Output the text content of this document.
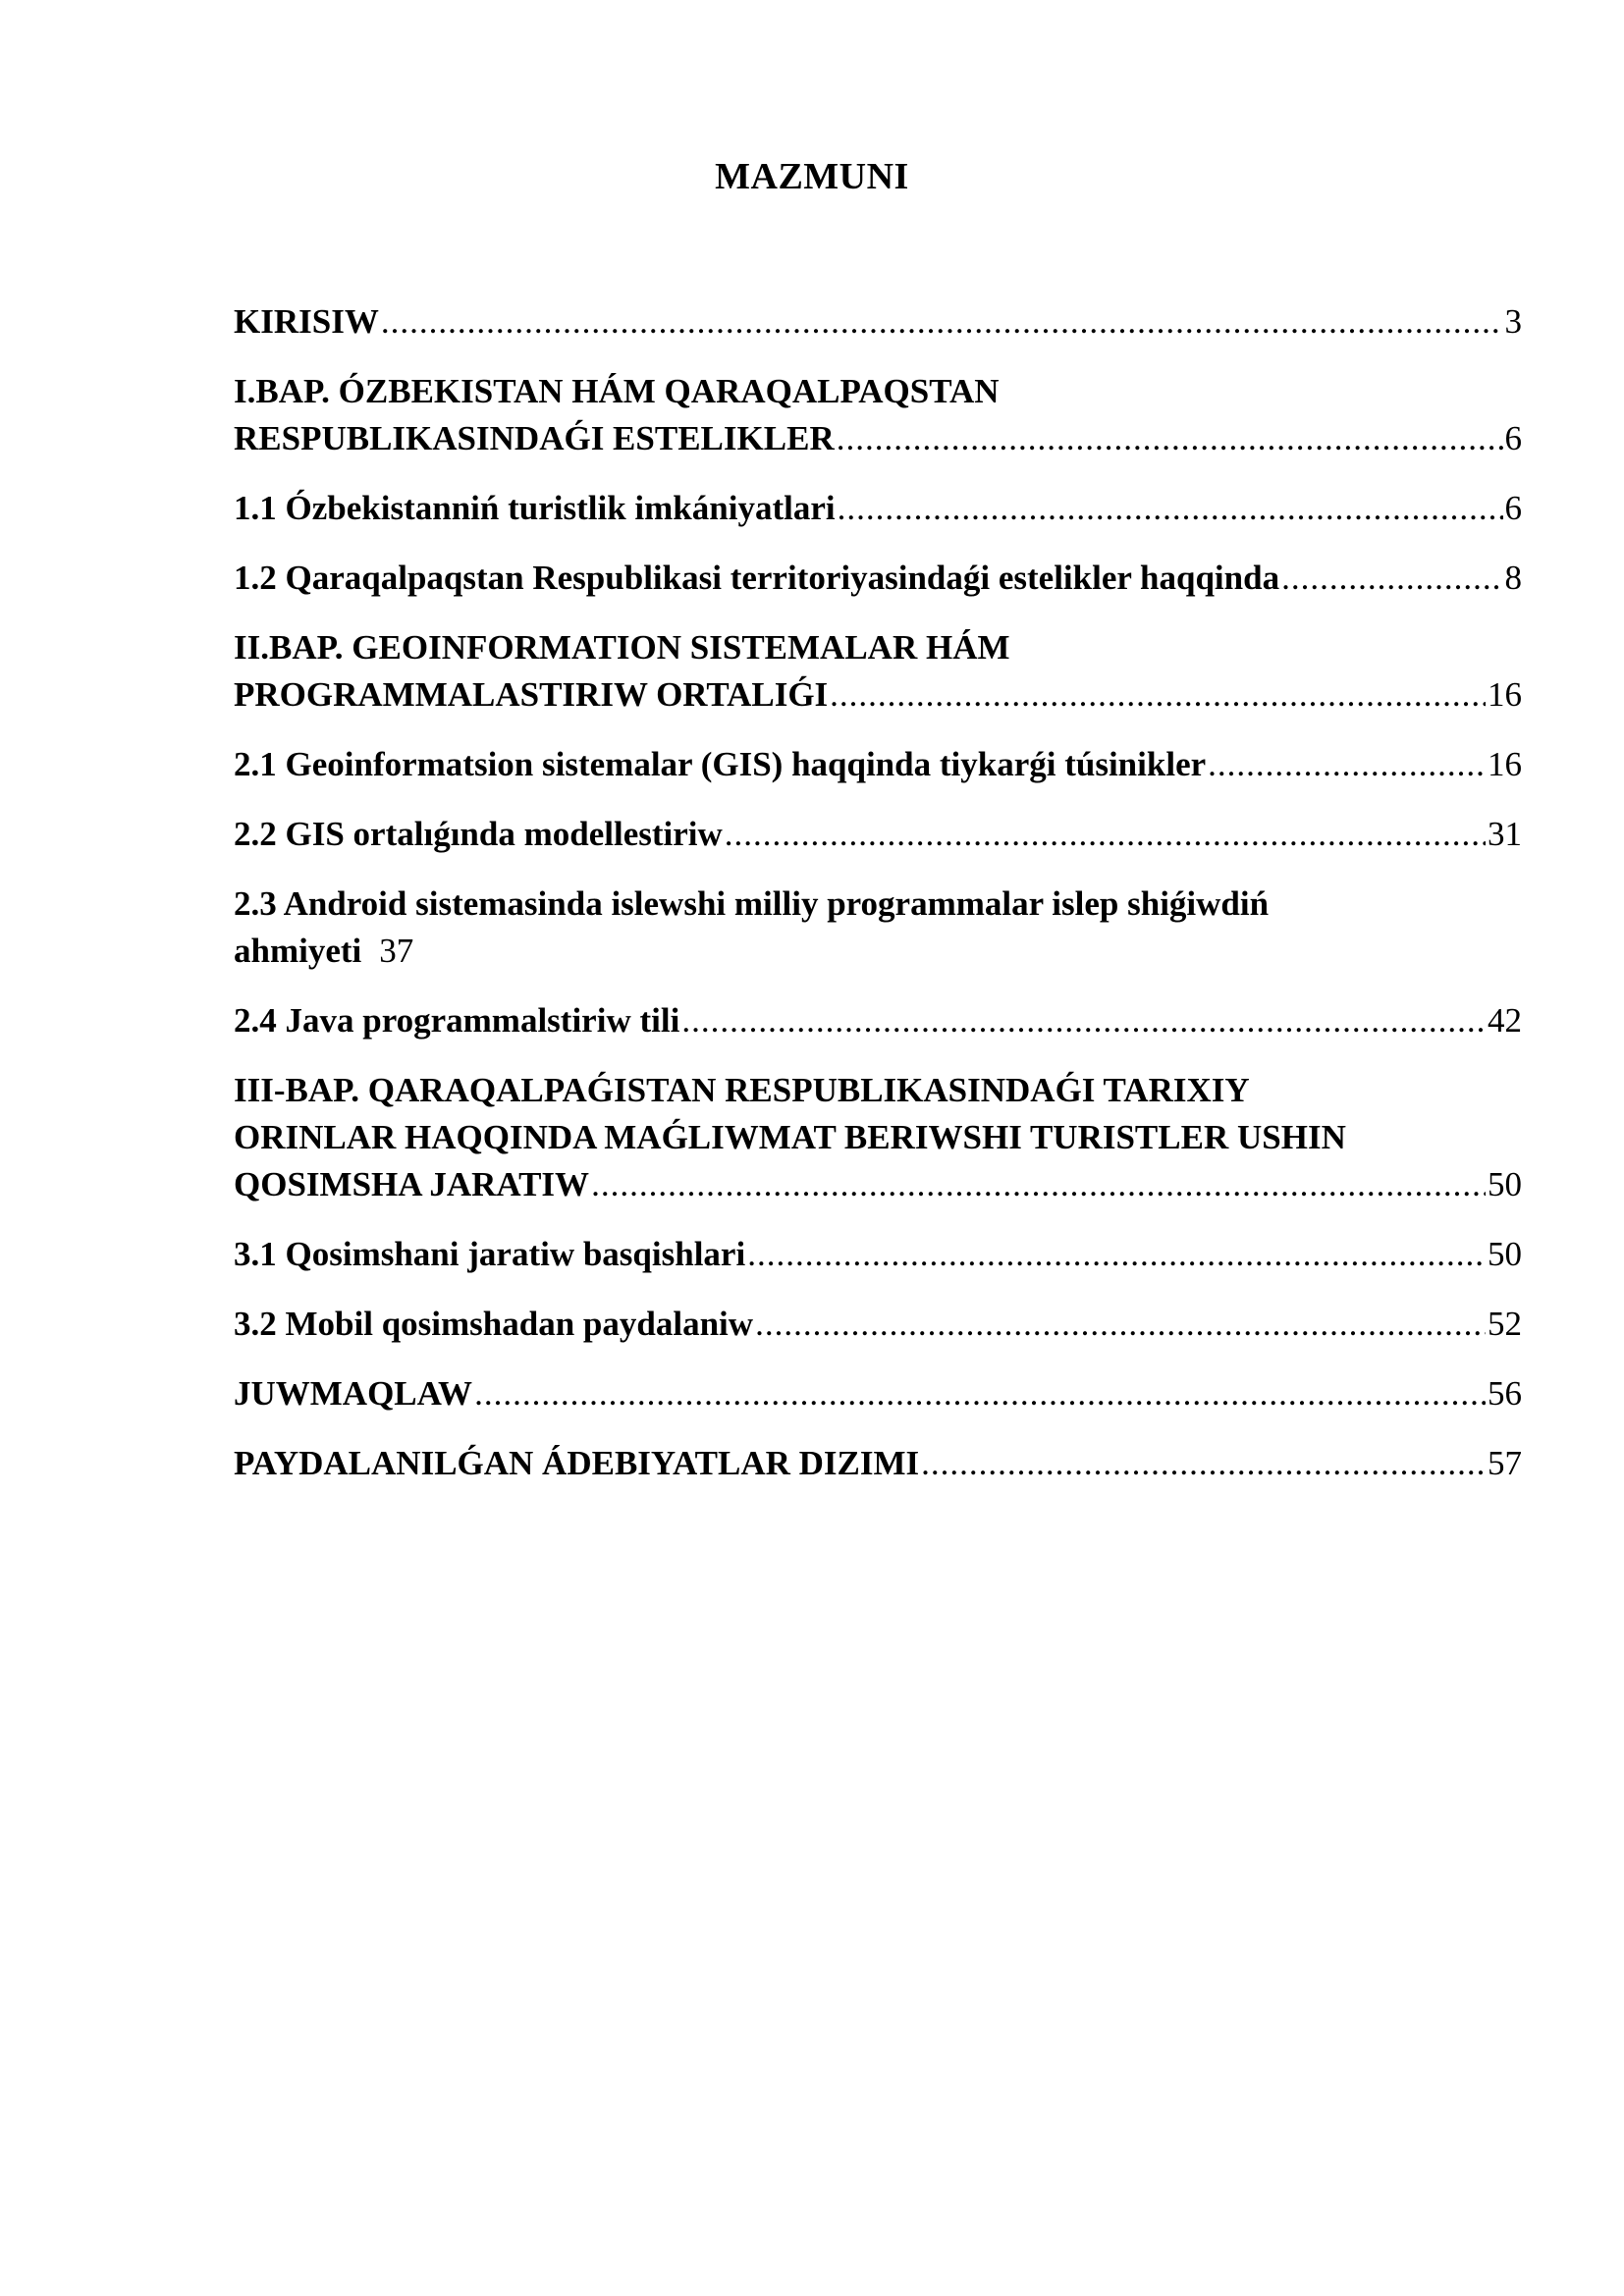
MAZMUNI
KIRISIW .....	3
I.BAP. ÓZBEKISTAN HÁM QARAQALPAQSTAN
RESPUBLIKASINDAǴI ESTELIKLER .....	6
1.1 Ózbekistanniń turistlik imkániyatlari .....	6
1.2 Qaraqalpaqstan Respublikasi territoriyasindaǵi estelikler haqqinda .....	8
II.BAP. GEOINFORMATION SISTEMALAR HÁM
PROGRAMMALASTIRIW ORTALIǴI .....	16
2.1 Geoinformatsion sistemalar (GIS) haqqinda tiykarǵi túsinikler .....	16
2.2 GIS ortalıǵında modellestiriw .....	31
2.3 Android sistemasinda islewshi milliy programmalar islep shiǵiwdiń
ahmiyeti 37
2.4 Java programmalstiriw tili .....	42
III-BAP. QARAQALPAǴISTAN RESPUBLIKASINDAǴI TARIXIY
ORINLAR HAQQINDA MAǴLIWMAT BERIWSHI TURISTLER USHIN
QOSIMSHA JARATIW .....	50
3.1 Qosimshani jaratiw basqishlari .....	50
3.2 Mobil qosimshadan paydalaniw .....	52
JUWMAQLAW .....	56
PAYDALANILǴAN ÁDEBIYATLAR DIZIMI .....	57
